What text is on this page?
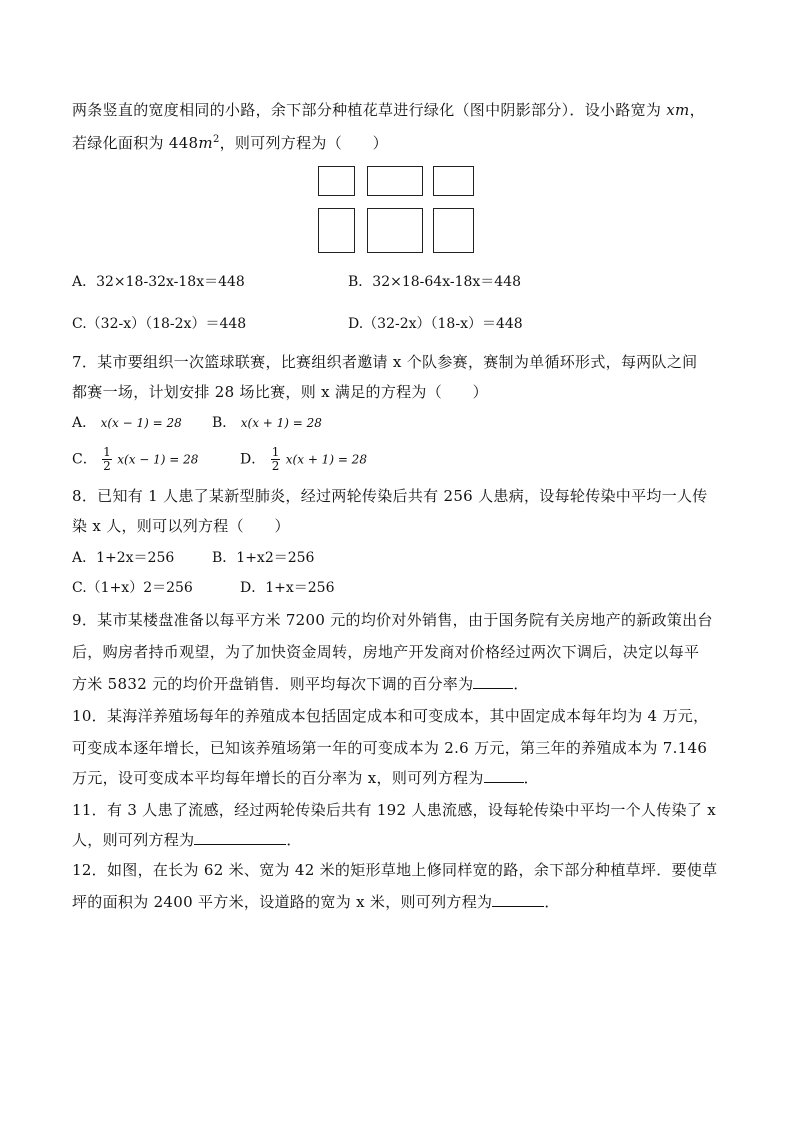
两条竖直的宽度相同的小路，余下部分种植花草进行绿化（图中阴影部分）．设小路宽为 xm，
若绿化面积为 $448m^2$，则可列方程为（　　）
A．32×18-32x-18x＝448	B．32×18-64x-18x＝448
C.（32-x）（18-2x）＝448	D.（32-2x）（18-x）＝448
7．某市要组织一次篮球联赛，比赛组织者邀请 x 个队参赛，赛制为单循环形式，每两队之间
都赛一场，计划安排 28 场比赛，则 x 满足的方程为（　　）
A． x(x − 1) = 28 B． x(x + 1) = 28
C． $\frac{1}{2} x(x - 1) = 28$	D． $\frac{1}{2} x(x + 1) = 28$
8．已知有 1 人患了某新型肺炎，经过两轮传染后共有 256 人患病，设每轮传染中平均一人传
染 x 人，则可以列方程（　　）
A．1+2x＝256	B．1+x2＝256
C.（1+x）2＝256	D．1+x＝256
9．某市某楼盘准备以每平方米 7200 元的均价对外销售，由于国务院有关房地产的新政策出台
后，购房者持币观望，为了加快资金周转，房地产开发商对价格经过两次下调后，决定以每平
方米 5832 元的均价开盘销售．则平均每次下调的百分率为	．
10．某海洋养殖场每年的养殖成本包括固定成本和可变成本，其中固定成本每年均为 4 万元，
可变成本逐年增长，已知该养殖场第一年的可变成本为 2.6 万元，第三年的养殖成本为 7.146
万元，设可变成本平均每年增长的百分率为 x，则可列方程为	．
11．有 3 人患了流感，经过两轮传染后共有 192 人患流感，设每轮传染中平均一个人传染了 x
人，则可列方程为	．
12．如图，在长为 62 米、宽为 42 米的矩形草地上修同样宽的路，余下部分种植草坪．要使草
坪的面积为 2400 平方米，设道路的宽为 x 米，则可列方程为	．
